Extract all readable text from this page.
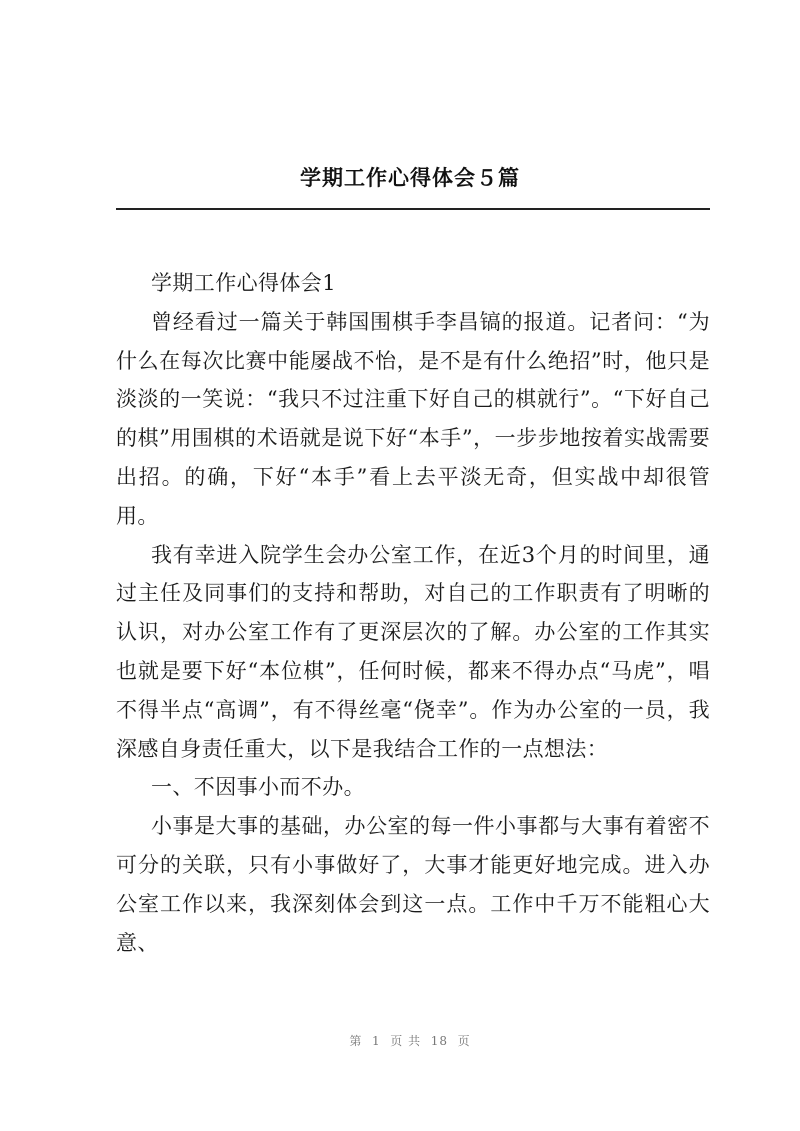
学期工作心得体会５篇

学期工作心得体会1

曾经看过一篇关于韩国围棋手李昌镐的报道。记者问：“为什么在每次比赛中能屡战不怡，是不是有什么绝招”时，他只是淡淡的一笑说：“我只不过注重下好自己的棋就行”。“下好自己的棋”用围棋的术语就是说下好“本手”，一步步地按着实战需要出招。的确，下好“本手”看上去平淡无奇，但实战中却很管用。

我有幸进入院学生会办公室工作，在近3个月的时间里，通过主任及同事们的支持和帮助，对自己的工作职责有了明晰的认识，对办公室工作有了更深层次的了解。办公室的工作其实也就是要下好“本位棋”，任何时候，都来不得办点“马虎”，唱不得半点“高调”，有不得丝毫“侥幸”。作为办公室的一员，我深感自身责任重大，以下是我结合工作的一点想法：

一、不因事小而不办。

小事是大事的基础，办公室的每一件小事都与大事有着密不可分的关联，只有小事做好了，大事才能更好地完成。进入办公室工作以来，我深刻体会到这一点。工作中千万不能粗心大意、

第  1  页 共  18  页
